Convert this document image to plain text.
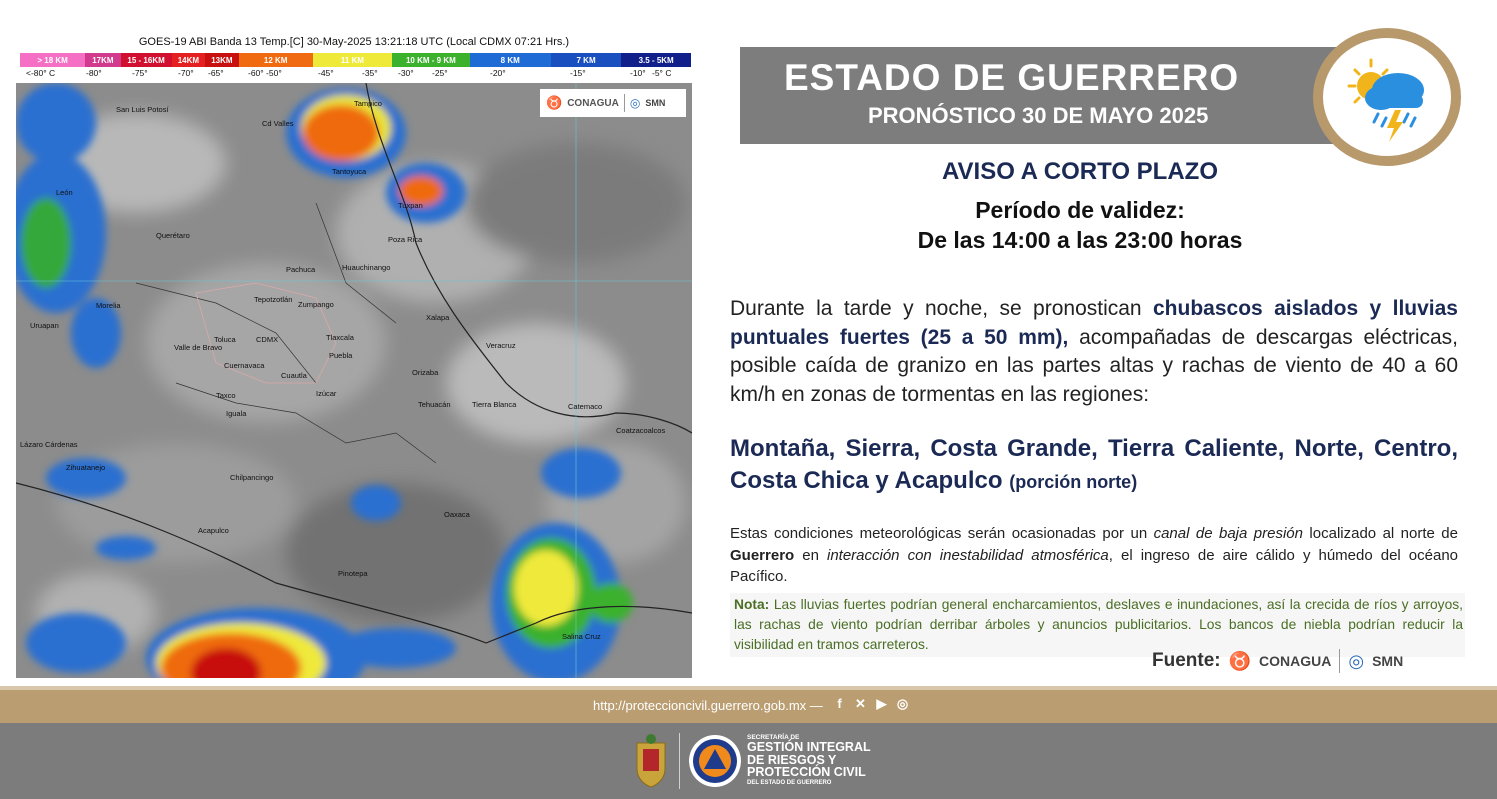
GOES-19 ABI Banda 13 Temp.[C] 30-May-2025 13:21:18 UTC (Local CDMX 07:21 Hrs.)
> 18 KM	17KM	15 - 16KM	14KM	13KM	12 KM	11 KM	10 KM - 9 KM	8 KM	7 KM	3.5 - 5KM
<-80° C	-80°	-75°	-70° -65°	-60° -50°	-45°	-35° -30° -25°	-20°	-15°	-10° -5° C
♉ CONAGUA ◎ SMN
San Luis Potosí
Tampico
Cd Valles
Tantoyuca
León
Tuxpan
Querétaro	Poza Rica
Pachuca	Huauchinango
Morelia
Tepotzotlán
Zumpango
Xalapa
Uruapan
Toluca	CDMX	Tlaxcala
Valle de Bravo
Puebla
Veracruz
Cuernavaca
Cuautla	Orizaba
Izúcar
Taxco
Tehuacán	Tierra Blanca	Catemaco
Iguala
Coatzacoalcos
Lázaro Cárdenas
Zihuatanejo
Chilpancingo
Oaxaca
Acapulco
Pinotepa
Salina Cruz
ESTADO DE GUERRERO
PRONÓSTICO 30 DE MAYO 2025
AVISO A CORTO PLAZO
Período de validez:
De las 14:00 a las 23:00 horas
Durante la tarde y noche, se pronostican chubascos aislados y lluvias puntuales fuertes (25 a 50 mm), acompañadas de descargas eléctricas, posible caída de granizo en las partes altas y rachas de viento de 40 a 60 km/h en zonas de tormentas en las regiones:
Montaña, Sierra, Costa Grande, Tierra Caliente, Norte, Centro, Costa Chica y Acapulco (porción norte)
Estas condiciones meteorológicas serán ocasionadas por un canal de baja presión localizado al norte de Guerrero en interacción con inestabilidad atmosférica, el ingreso de aire cálido y húmedo del océano Pacífico.
Nota: Las lluvias fuertes podrían general encharcamientos, deslaves e inundaciones, así la crecida de ríos y arroyos, las rachas de viento podrían derribar árboles y anuncios publicitarios. Los bancos de niebla podrían reducir la visibilidad en tramos carreteros.
Fuente: ♉ CONAGUA ◎ SMN
http://proteccioncivil.guerrero.gob.mx —	f	✕ ▶ ◎
SECRETARÍA DE
GESTIÓN INTEGRAL
DE RIESGOS Y
PROTECCIÓN CIVIL
DEL ESTADO DE GUERRERO
